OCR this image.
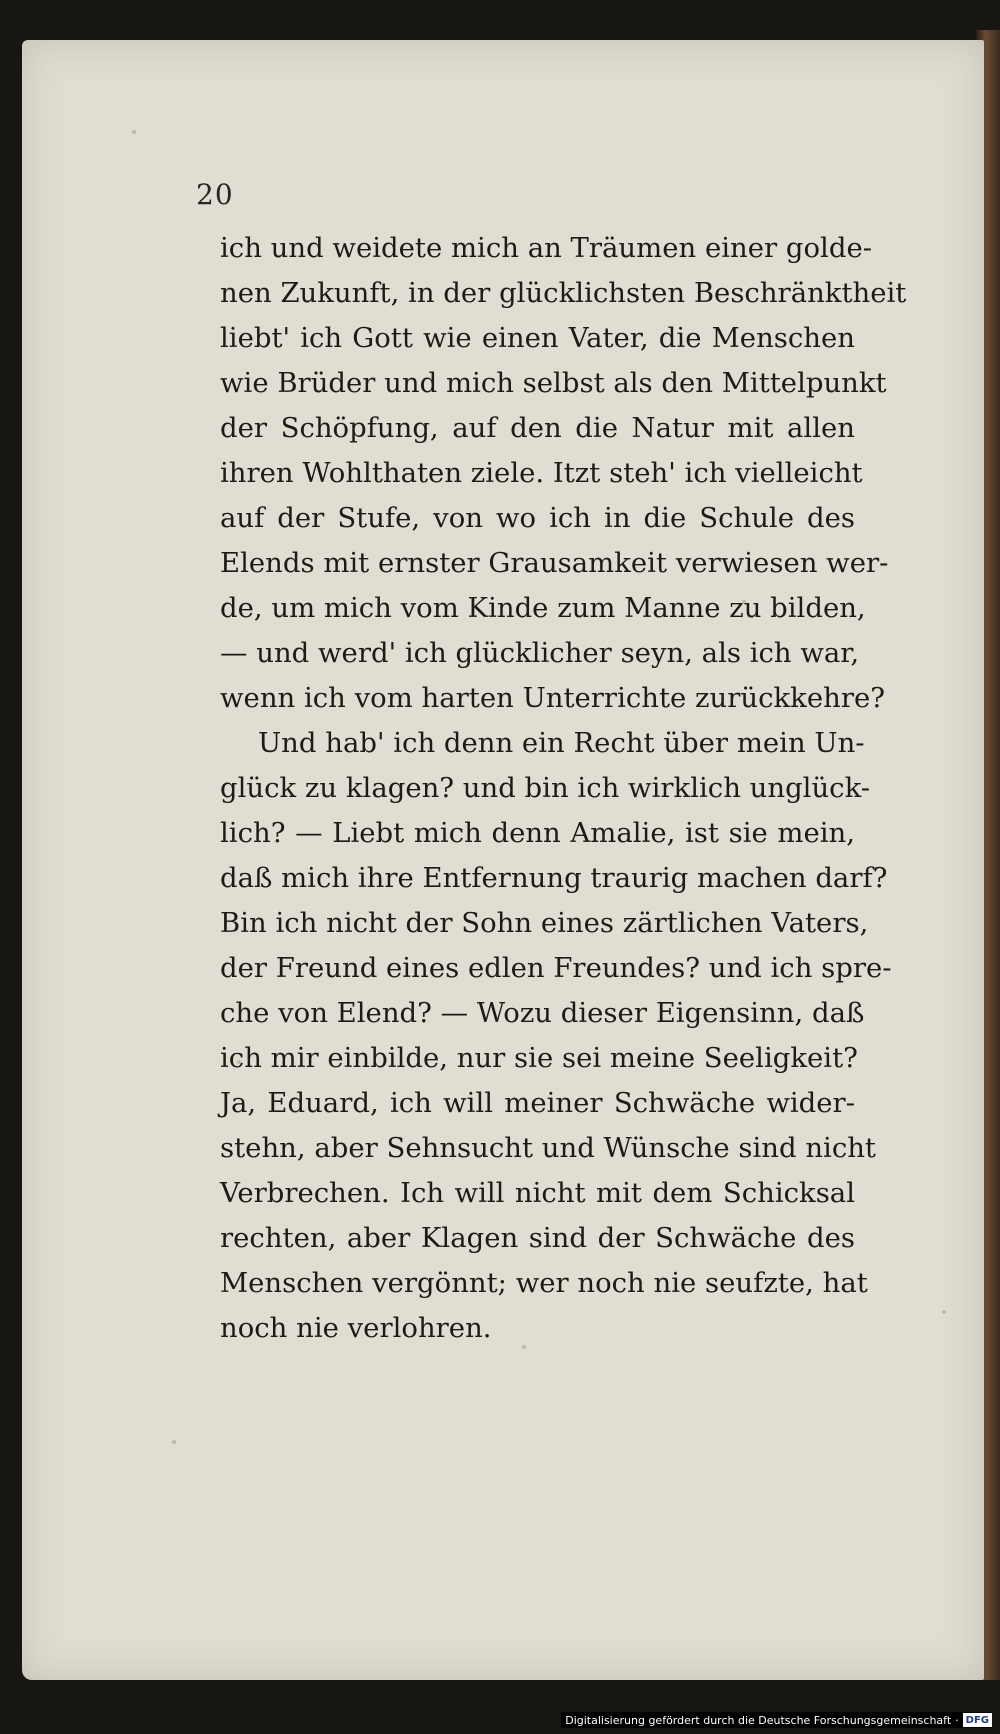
20
ich und weidete mich an Träumen einer golde-
nen Zukunft, in der glücklichsten Beschränktheit
liebt' ich Gott wie einen Vater, die Menschen
wie Brüder und mich selbst als den Mittelpunkt
der Schöpfung, auf den die Natur mit allen
ihren Wohlthaten ziele. Itzt steh' ich vielleicht
auf der Stufe, von wo ich in die Schule des
Elends mit ernster Grausamkeit verwiesen wer-
de, um mich vom Kinde zum Manne zu bilden,
— und werd' ich glücklicher seyn, als ich war,
wenn ich vom harten Unterrichte zurückkehre?
Und hab' ich denn ein Recht über mein Un-
glück zu klagen? und bin ich wirklich unglück-
lich? — Liebt mich denn Amalie, ist sie mein,
daß mich ihre Entfernung traurig machen darf?
Bin ich nicht der Sohn eines zärtlichen Vaters,
der Freund eines edlen Freundes? und ich spre-
che von Elend? — Wozu dieser Eigensinn, daß
ich mir einbilde, nur sie sei meine Seeligkeit?
Ja, Eduard, ich will meiner Schwäche wider-
stehn, aber Sehnsucht und Wünsche sind nicht
Verbrechen. Ich will nicht mit dem Schicksal
rechten, aber Klagen sind der Schwäche des
Menschen vergönnt; wer noch nie seufzte, hat
noch nie verlohren.
Digitalisierung gefördert durch die Deutsche Forschungsgemeinschaft · DFG
